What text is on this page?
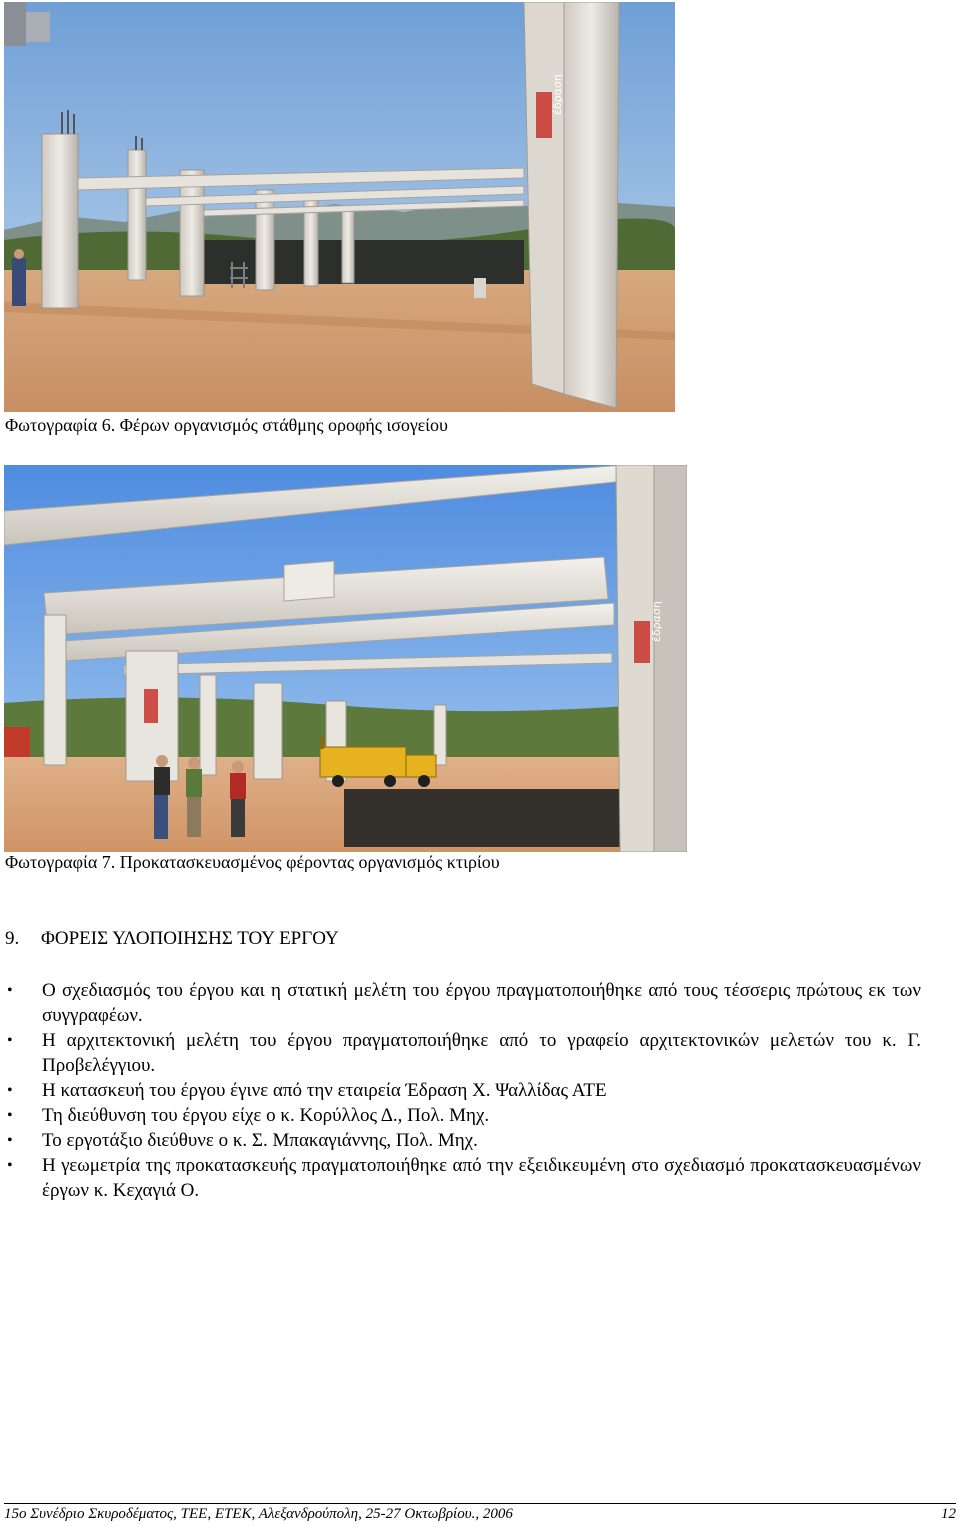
έδραση
Φωτογραφία 6. Φέρων οργανισμός στάθμης οροφής ισογείου
έδραση
Φωτογραφία 7. Προκατασκευασμένος φέροντας οργανισμός κτιρίου
9. ΦΟΡΕΙΣ ΥΛΟΠΟΙΗΣΗΣ ΤΟΥ ΕΡΓΟΥ
• Ο σχεδιασμός του έργου και η στατική μελέτη του έργου πραγματοποιήθηκε από τους τέσσερις πρώτους εκ των συγγραφέων.
• Η αρχιτεκτονική μελέτη του έργου πραγματοποιήθηκε από το γραφείο αρχιτεκτονικών μελετών του κ. Γ. Προβελέγγιου.
• Η κατασκευή του έργου έγινε από την εταιρεία Έδραση Χ. Ψαλλίδας ΑΤΕ
• Τη διεύθυνση του έργου είχε ο κ. Κορύλλος Δ., Πολ. Μηχ.
• Το εργοτάξιο διεύθυνε ο κ. Σ. Μπακαγιάννης, Πολ. Μηχ.
• Η γεωμετρία της προκατασκευής πραγματοποιήθηκε από την εξειδικευμένη στο σχεδιασμό προκατασκευασμένων έργων κ. Κεχαγιά Ο.
15ο Συνέδριο Σκυροδέματος, ΤΕΕ, ΕΤΕΚ, Αλεξανδρούπολη, 25-27 Οκτωβρίου., 2006	12
